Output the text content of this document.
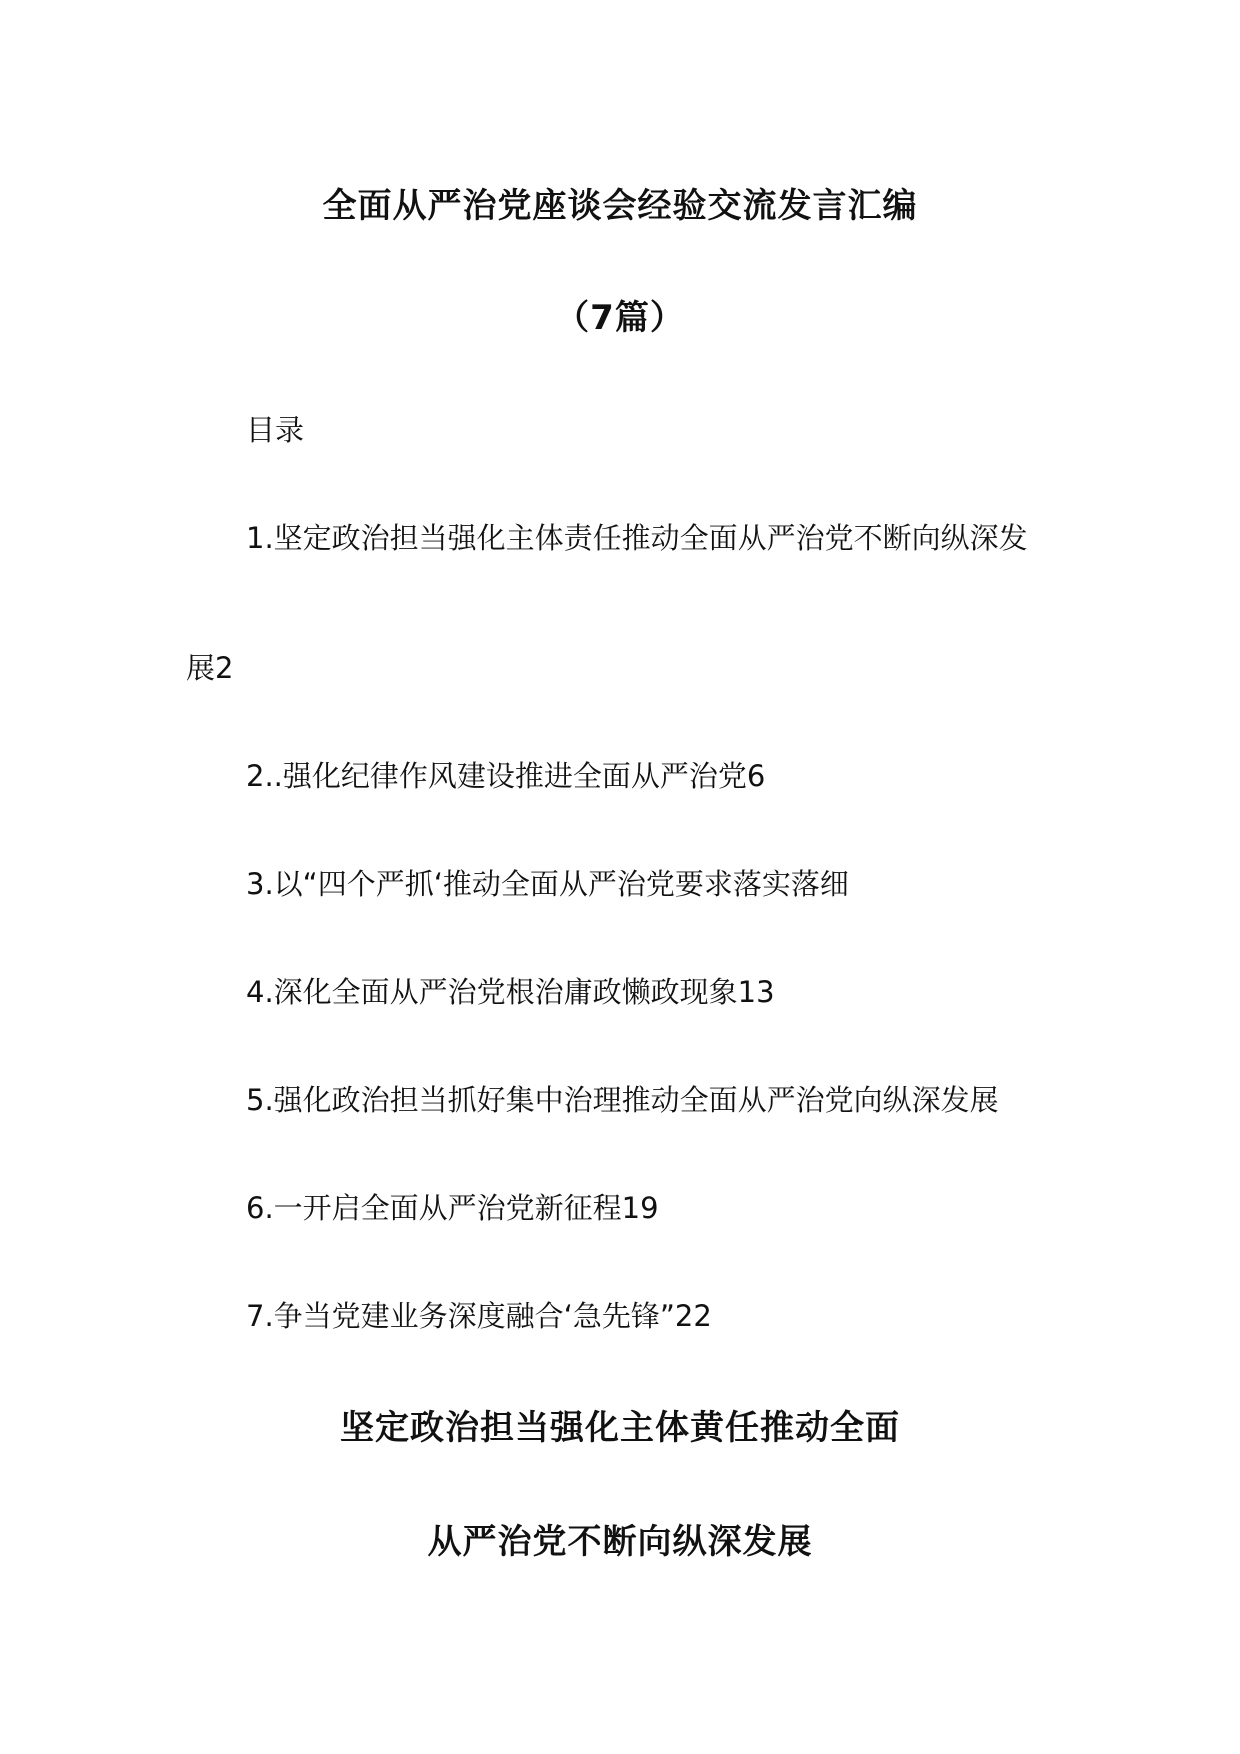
全面从严治党座谈会经验交流发言汇编
（7篇）
目录
1.坚定政治担当强化主体责任推动全面从严治党不断向纵深发
展2
2..强化纪律作风建设推进全面从严治党6
3.以“四个严抓‘推动全面从严治党要求落实落细
4.深化全面从严治党根治庸政懒政现象13
5.强化政治担当抓好集中治理推动全面从严治党向纵深发展
6.一开启全面从严治党新征程19
7.争当党建业务深度融合‘急先锋”22
坚定政治担当强化主体黄任推动全面
从严治党不断向纵深发展
